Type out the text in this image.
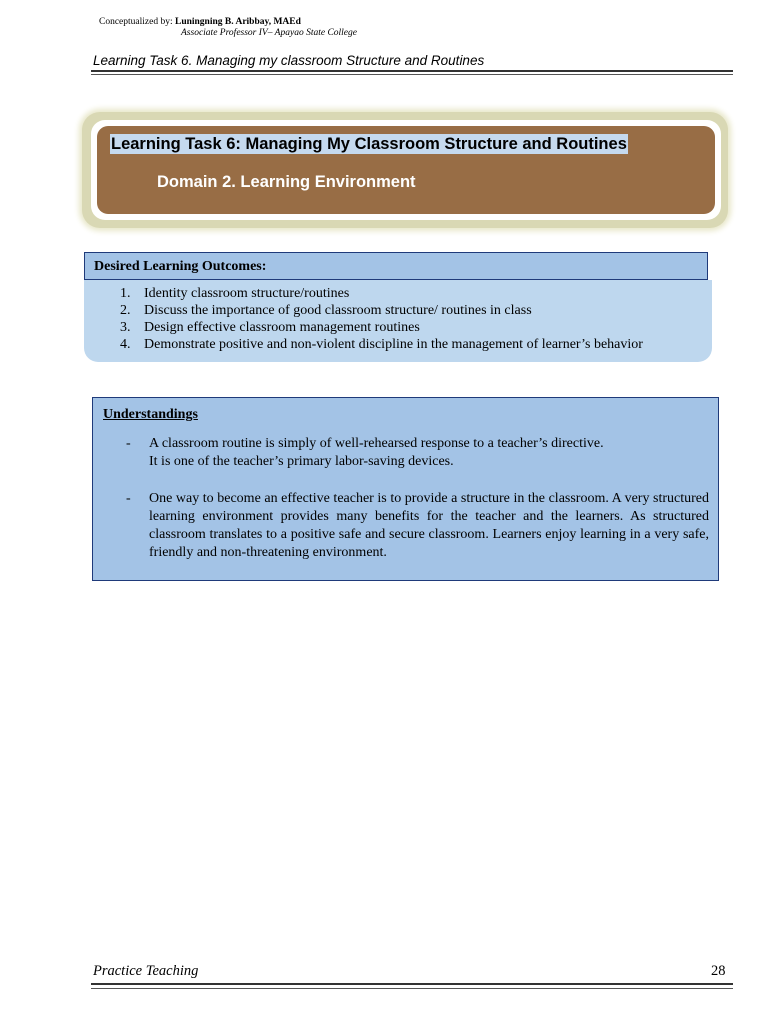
Conceptualized by: Luningning B. Aribbay, MAEd
Associate Professor IV– Apayao State College
Learning Task 6. Managing my classroom Structure and Routines
Learning Task 6: Managing My Classroom Structure and Routines
Domain 2. Learning Environment
Desired Learning Outcomes:
1. Identity classroom structure/routines
2. Discuss the importance of good classroom structure/ routines in class
3. Design effective classroom management routines
4. Demonstrate positive and non-violent discipline in the management of learner’s behavior
Understandings
- A classroom routine is simply of well-rehearsed response to a teacher’s directive.
It is one of the teacher’s primary labor-saving devices.

- One way to become an effective teacher is to provide a structure in the classroom. A very structured learning environment provides many benefits for the teacher and the learners. As structured classroom translates to a positive safe and secure classroom. Learners enjoy learning in a very safe, friendly and non-threatening environment.

Practice Teaching	28
